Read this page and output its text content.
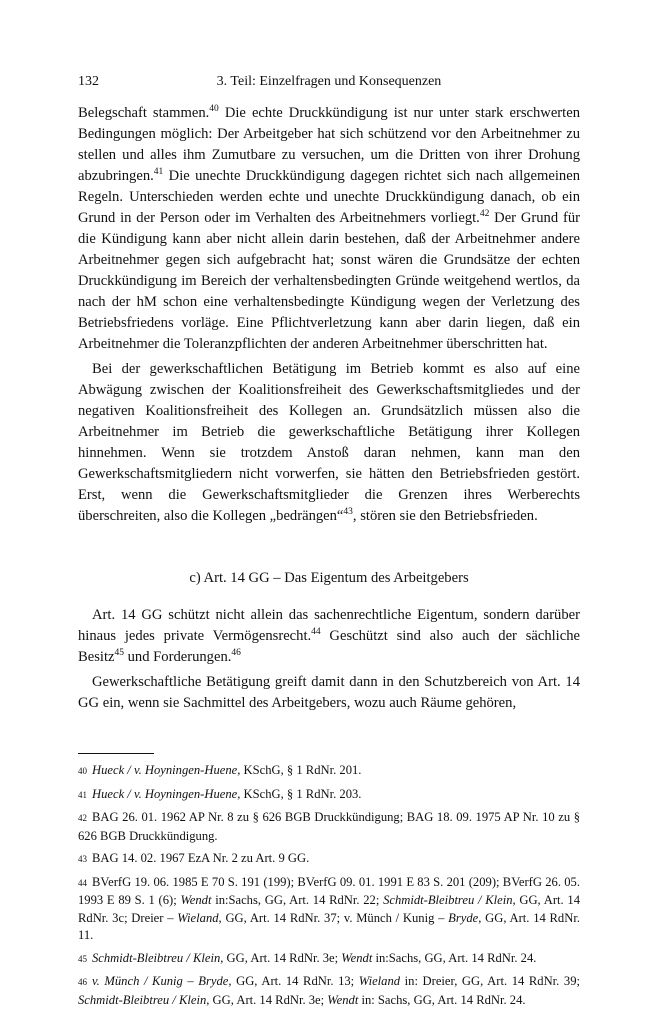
132	3. Teil: Einzelfragen und Konsequenzen

Belegschaft stammen.$^{40}$ Die echte Druckkündigung ist nur unter stark erschwerten Bedingungen möglich: Der Arbeitgeber hat sich schützend vor den Arbeitnehmer zu stellen und alles ihm Zumutbare zu versuchen, um die Dritten von ihrer Drohung abzubringen.$^{41}$ Die unechte Druckkündigung dagegen richtet sich nach allgemeinen Regeln. Unterschieden werden echte und unechte Druckkündigung danach, ob ein Grund in der Person oder im Verhalten des Arbeitnehmers vorliegt.$^{42}$ Der Grund für die Kündigung kann aber nicht allein darin bestehen, daß der Arbeitnehmer andere Arbeitnehmer gegen sich aufgebracht hat; sonst wären die Grundsätze der echten Druckkündigung im Bereich der verhaltensbedingten Gründe weitgehend wertlos, da nach der hM schon eine verhaltensbedingte Kündigung wegen der Verletzung des Betriebsfriedens vorläge. Eine Pflichtverletzung kann aber darin liegen, daß ein Arbeitnehmer die Toleranzpflichten der anderen Arbeitnehmer überschritten hat.

Bei der gewerkschaftlichen Betätigung im Betrieb kommt es also auf eine Abwägung zwischen der Koalitionsfreiheit des Gewerkschaftsmitgliedes und der negativen Koalitionsfreiheit des Kollegen an. Grundsätzlich müssen also die Arbeitnehmer im Betrieb die gewerkschaftliche Betätigung ihrer Kollegen hinnehmen. Wenn sie trotzdem Anstoß daran nehmen, kann man den Gewerkschaftsmitgliedern nicht vorwerfen, sie hätten den Betriebsfrieden gestört. Erst, wenn die Gewerkschaftsmitglieder die Grenzen ihres Werberechts überschreiten, also die Kollegen „bedrängen“$^{43}$, stören sie den Betriebsfrieden.

c) Art. 14 GG – Das Eigentum des Arbeitgebers

Art. 14 GG schützt nicht allein das sachenrechtliche Eigentum, sondern darüber hinaus jedes private Vermögensrecht.$^{44}$ Geschützt sind also auch der sächliche Besitz$^{45}$ und Forderungen.$^{46}$

Gewerkschaftliche Betätigung greift damit dann in den Schutzbereich von Art. 14 GG ein, wenn sie Sachmittel des Arbeitgebers, wozu auch Räume gehören,

40 Hueck / v. Hoyningen-Huene, KSchG, § 1 RdNr. 201.
41 Hueck / v. Hoyningen-Huene, KSchG, § 1 RdNr. 203.
42 BAG 26. 01. 1962 AP Nr. 8 zu § 626 BGB Druckkündigung; BAG 18. 09. 1975 AP Nr. 10 zu § 626 BGB Druckkündigung.
43 BAG 14. 02. 1967 EzA Nr. 2 zu Art. 9 GG.
44 BVerfG 19. 06. 1985 E 70 S. 191 (199); BVerfG 09. 01. 1991 E 83 S. 201 (209); BVerfG 26. 05. 1993 E 89 S. 1 (6); Wendt in:Sachs, GG, Art. 14 RdNr. 22; Schmidt-Bleibtreu / Klein, GG, Art. 14 RdNr. 3c; Dreier – Wieland, GG, Art. 14 RdNr. 37; v. Münch / Kunig – Bryde, GG, Art. 14 RdNr. 11.
45 Schmidt-Bleibtreu / Klein, GG, Art. 14 RdNr. 3e; Wendt in:Sachs, GG, Art. 14 RdNr. 24.
46 v. Münch / Kunig – Bryde, GG, Art. 14 RdNr. 13; Wieland in: Dreier, GG, Art. 14 RdNr. 39; Schmidt-Bleibtreu / Klein, GG, Art. 14 RdNr. 3e; Wendt in: Sachs, GG, Art. 14 RdNr. 24.
